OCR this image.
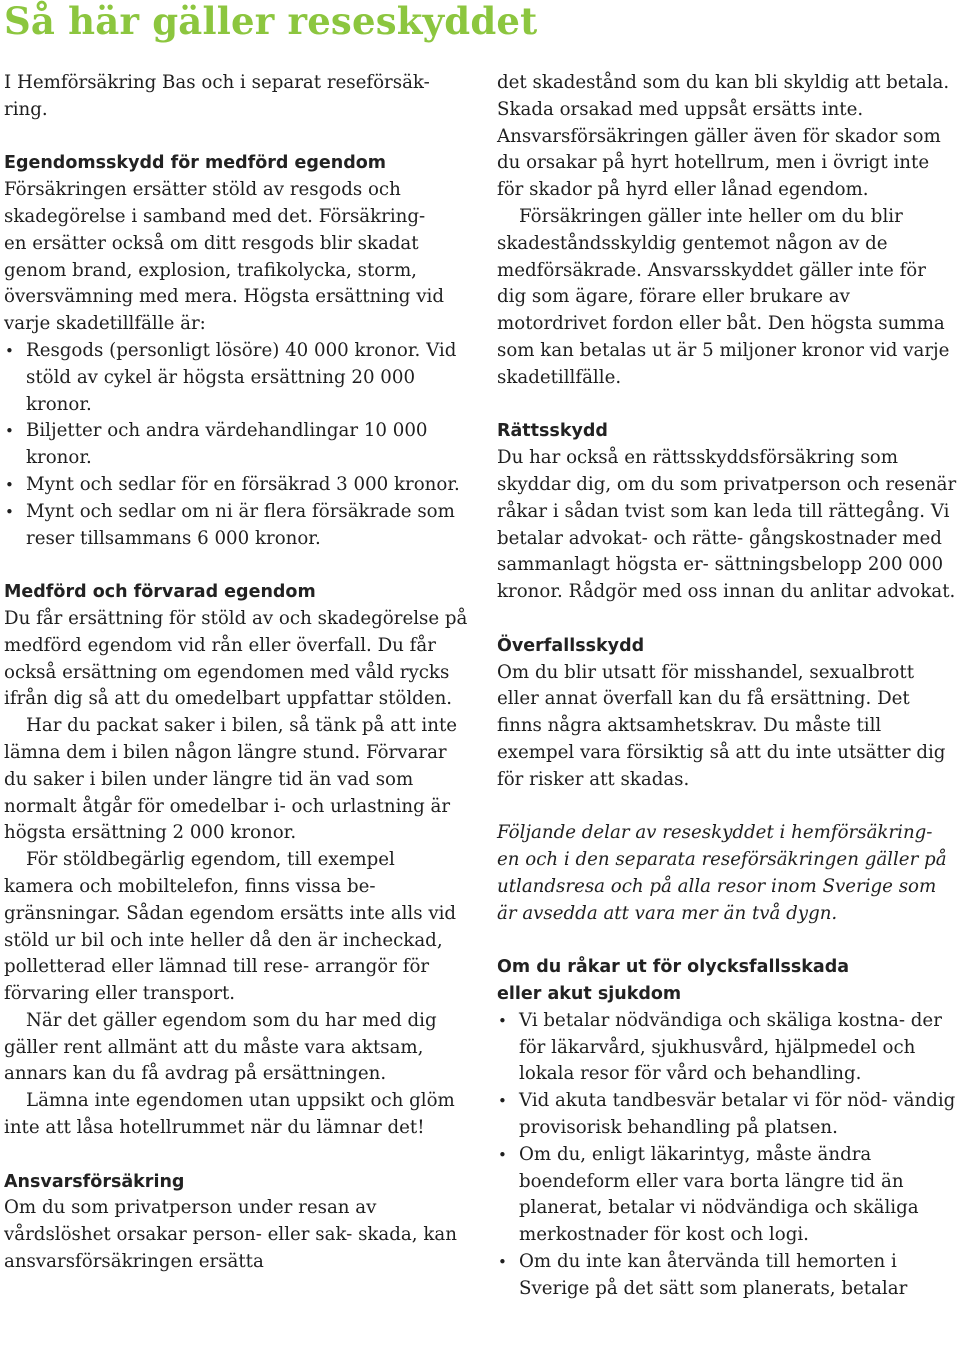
Så här gäller reseskyddet

I Hemförsäkring Bas och i separat reseförsäk-
ring.

Egendomsskydd för medförd egendom

Försäkringen ersätter stöld av resgods och skadegörelse i samband med det. Försäkring-
en ersätter också om ditt resgods blir skadat genom brand, explosion, trafikolycka, storm, översvämning med mera. Högsta ersättning vid varje skadetillfälle är:

• Resgods (personligt lösöre) 40 000 kronor. Vid stöld av cykel är högsta ersättning 20 000 kronor.
• Biljetter och andra värdehandlingar 10 000 kronor.
• Mynt och sedlar för en försäkrad 3 000 kronor.
• Mynt och sedlar om ni är flera försäkrade som reser tillsammans 6 000 kronor.
Medförd och förvarad egendom

Du får ersättning för stöld av och skadegörelse på medförd egendom vid rån eller överfall. Du får också ersättning om egendomen med våld rycks ifrån dig så att du omedelbart uppfattar stölden.

Har du packat saker i bilen, så tänk på att inte lämna dem i bilen någon längre stund. Förvarar du saker i bilen under längre tid än vad som normalt åtgår för omedelbar i- och urlastning är högsta ersättning 2 000 kronor.

För stöldbegärlig egendom, till exempel kamera och mobiltelefon, finns vissa be- gränsningar. Sådan egendom ersätts inte alls vid stöld ur bil och inte heller då den är incheckad, polletterad eller lämnad till rese- arrangör för förvaring eller transport.

När det gäller egendom som du har med dig gäller rent allmänt att du måste vara aktsam, annars kan du få avdrag på ersättningen.

Lämna inte egendomen utan uppsikt och glöm inte att låsa hotellrummet när du lämnar det!

Ansvarsförsäkring

Om du som privatperson under resan av vårdslöshet orsakar person- eller sak- skada, kan ansvarsförsäkringen ersätta

det skadestånd som du kan bli skyldig att betala. Skada orsakad med uppsåt ersätts inte. Ansvarsförsäkringen gäller även för skador som du orsakar på hyrt hotellrum, men i övrigt inte för skador på hyrd eller lånad egendom.

Försäkringen gäller inte heller om du blir skadeståndsskyldig gentemot någon av de medförsäkrade. Ansvarsskyddet gäller inte för dig som ägare, förare eller brukare av motordrivet fordon eller båt. Den högsta summa som kan betalas ut är 5 miljoner kronor vid varje skadetillfälle.

Rättsskydd

Du har också en rättsskyddsförsäkring som skyddar dig, om du som privatperson och resenär råkar i sådan tvist som kan leda till rättegång. Vi betalar advokat- och rätte- gångskostnader med sammanlagt högsta er- sättningsbelopp 200 000 kronor. Rådgör med oss innan du anlitar advokat.

Överfallsskydd

Om du blir utsatt för misshandel, sexualbrott eller annat överfall kan du få ersättning. Det finns några aktsamhetskrav. Du måste till exempel vara försiktig så att du inte utsätter dig för risker att skadas.

Följande delar av reseskyddet i hemförsäkring- en och i den separata reseförsäkringen gäller på utlandsresa och på alla resor inom Sverige som är avsedda att vara mer än två dygn.

Om du råkar ut för olycksfallsskada eller akut sjukdom
• Vi betalar nödvändiga och skäliga kostna- der för läkarvård, sjukhusvård, hjälpmedel och lokala resor för vård och behandling.
• Vid akuta tandbesvär betalar vi för nöd- vändig provisorisk behandling på platsen.
• Om du, enligt läkarintyg, måste ändra boendeform eller vara borta längre tid än planerat, betalar vi nödvändiga och skäliga merkostnader för kost och logi.
• Om du inte kan återvända till hemorten i Sverige på det sätt som planerats, betalar
